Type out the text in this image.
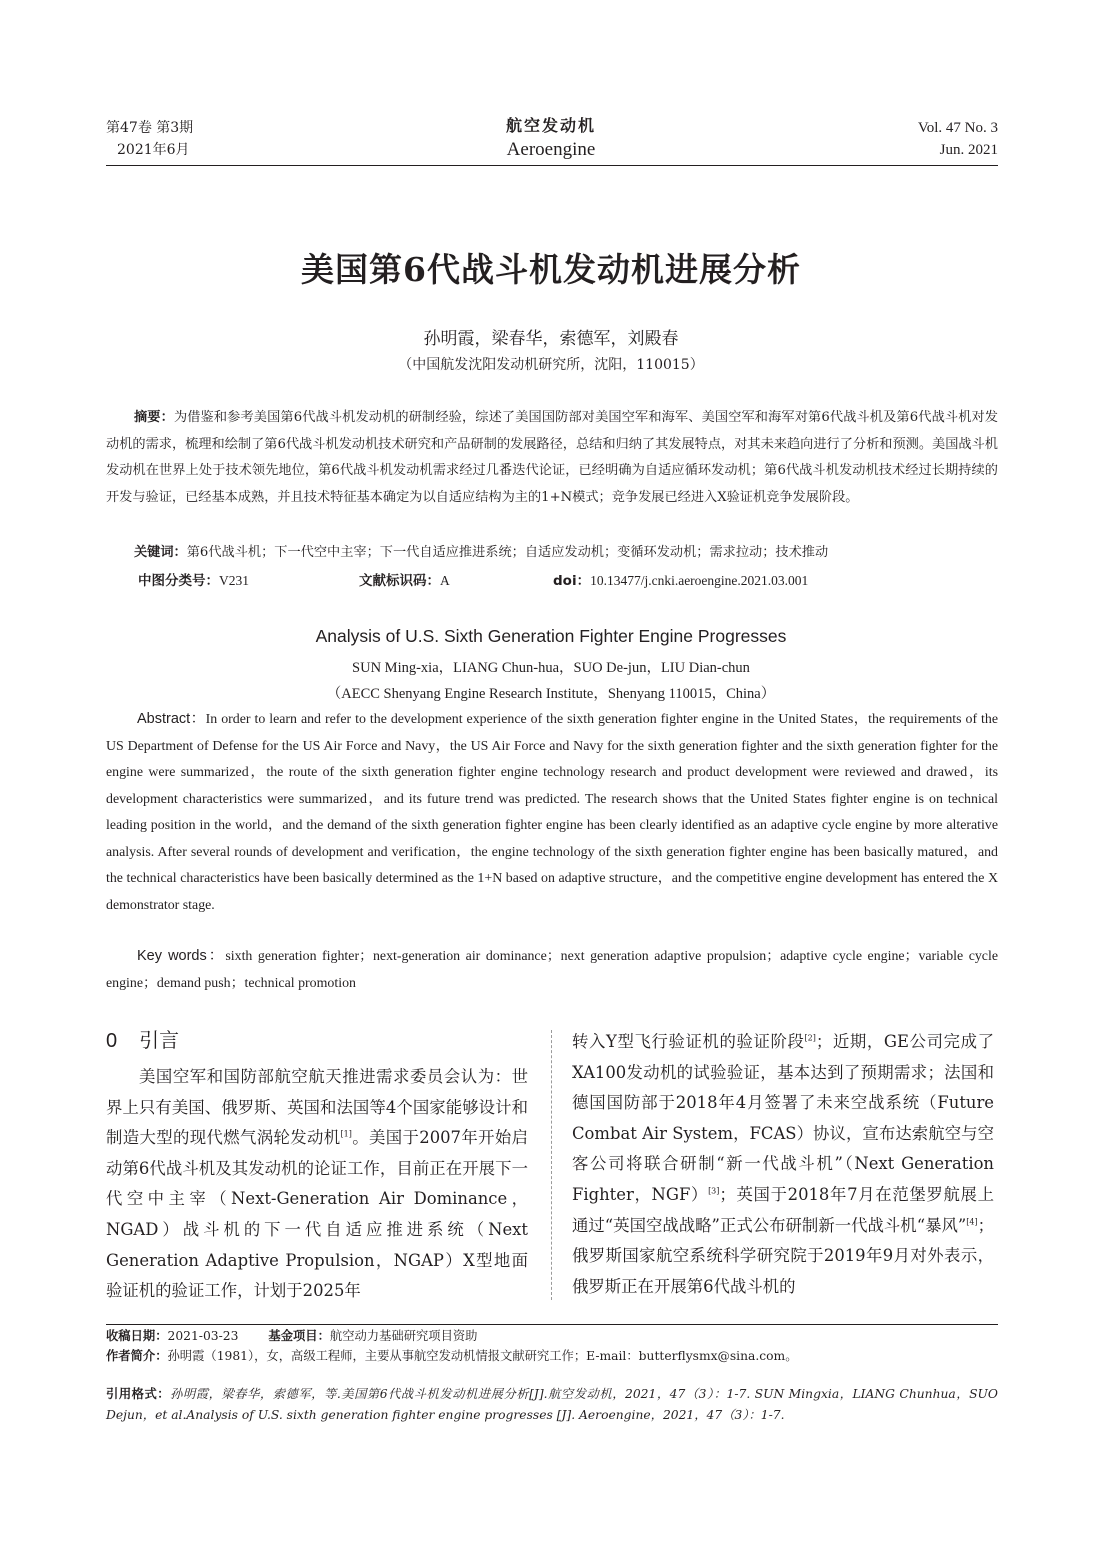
第47卷 第3期
2021年6月
航空发动机
Aeroengine
Vol. 47 No. 3
Jun. 2021
美国第6代战斗机发动机进展分析
孙明霞，梁春华，索德军，刘殿春
（中国航发沈阳发动机研究所，沈阳，110015）

摘要：为借鉴和参考美国第6代战斗机发动机的研制经验，综述了美国国防部对美国空军和海军、美国空军和海军对第6代战斗机及第6代战斗机对发动机的需求，梳理和绘制了第6代战斗机发动机技术研究和产品研制的发展路径，总结和归纳了其发展特点，对其未来趋向进行了分析和预测。美国战斗机发动机在世界上处于技术领先地位，第6代战斗机发动机需求经过几番迭代论证，已经明确为自适应循环发动机；第6代战斗机发动机技术经过长期持续的开发与验证，已经基本成熟，并且技术特征基本确定为以自适应结构为主的1+N模式；竞争发展已经进入X验证机竞争发展阶段。

关键词：第6代战斗机；下一代空中主宰；下一代自适应推进系统；自适应发动机；变循环发动机；需求拉动；技术推动

中图分类号：V231	文献标识码：A	doi：10.13477/j.cnki.aeroengine.2021.03.001
Analysis of U.S. Sixth Generation Fighter Engine Progresses
SUN Ming-xia，LIANG Chun-hua，SUO De-jun，LIU Dian-chun
（AECC Shenyang Engine Research Institute，Shenyang 110015，China）

Abstract：In order to learn and refer to the development experience of the sixth generation fighter engine in the United States，the requirements of the US Department of Defense for the US Air Force and Navy，the US Air Force and Navy for the sixth generation fighter and the sixth generation fighter for the engine were summarized，the route of the sixth generation fighter engine technology research and product development were reviewed and drawed，its development characteristics were summarized，and its future trend was predicted. The research shows that the United States fighter engine is on technical leading position in the world，and the demand of the sixth generation fighter engine has been clearly identified as an adaptive cycle engine by more alterative analysis. After several rounds of development and verification，the engine technology of the sixth generation fighter engine has been basically matured，and the technical characteristics have been basically determined as the 1+N based on adaptive structure，and the competitive engine development has entered the X demonstrator stage.

Key words：sixth generation fighter；next-generation air dominance；next generation adaptive propulsion；adaptive cycle engine；variable cycle engine；demand push；technical promotion

0 引言

美国空军和国防部航空航天推进需求委员会认为：世界上只有美国、俄罗斯、英国和法国等4个国家能够设计和制造大型的现代燃气涡轮发动机[1]。美国于2007年开始启动第6代战斗机及其发动机的论证工作，目前正在开展下一代空中主宰（Next-Generation Air Dominance，NGAD）战斗机的下一代自适应推进系统（Next Generation Adaptive Propulsion，NGAP）X型地面验证机的验证工作，计划于2025年

转入Y型飞行验证机的验证阶段[2]；近期，GE公司完成了XA100发动机的试验验证，基本达到了预期需求；法国和德国国防部于2018年4月签署了未来空战系统（Future Combat Air System，FCAS）协议，宣布达索航空与空客公司将联合研制“新一代战斗机”（Next Generation Fighter，NGF）[3]；英国于2018年7月在范堡罗航展上通过“英国空战战略”正式公布研制新一代战斗机“暴风”[4]；俄罗斯国家航空系统科学研究院于2019年9月对外表示，俄罗斯正在开展第6代战斗机的

收稿日期：2021-03-23 基金项目：航空动力基础研究项目资助
作者简介：孙明霞（1981），女，高级工程师，主要从事航空发动机情报文献研究工作；E-mail：butterflysmx@sina.com。

引用格式：孙明霞，梁春华，索德军，等.美国第6代战斗机发动机进展分析[J].航空发动机，2021，47（3）：1-7. SUN Mingxia，LIANG Chunhua，SUO Dejun，et al.Analysis of U.S. sixth generation fighter engine progresses [J]. Aeroengine，2021，47（3）：1-7.
